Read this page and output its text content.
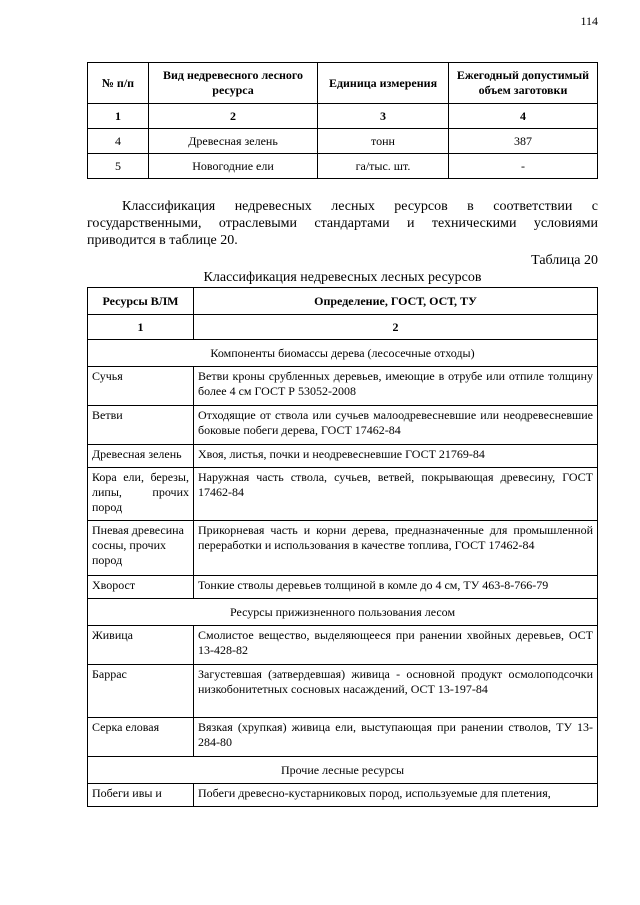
114
№ п/п	Вид недревесного лесного ресурса	Единица измерения	Ежегодный допустимый объем заготовки
1	2	3	4
4	Древесная зелень	тонн	387
5	Новогодние ели	га/тыс. шт.	-

Классификация недревесных лесных ресурсов в соответствии с государственными, отраслевыми стандартами и техническими условиями приводится в таблице 20.

Таблица 20
Классификация недревесных лесных ресурсов
Ресурсы ВЛМ	Определение, ГОСТ, ОСТ, ТУ
1	2
Компоненты биомассы дерева (лесосечные отходы)	
Сучья	Ветви кроны срубленных деревьев, имеющие в отрубе или отпиле толщину более 4 см ГОСТ Р 53052-2008
Ветви	Отходящие от ствола или сучьев малоодревесневшие или неодревесневшие боковые побеги дерева, ГОСТ 17462-84
Древесная зелень	Хвоя, листья, почки и неодревесневшие ГОСТ 21769-84
Кора ели, березы, липы, прочих пород	Наружная часть ствола, сучьев, ветвей, покрывающая древесину, ГОСТ 17462-84
Пневая древесина сосны, прочих пород	Прикорневая часть и корни дерева, предназначенные для промышленной переработки и использования в качестве топлива, ГОСТ 17462-84
Хворост	Тонкие стволы деревьев толщиной в комле до 4 см, ТУ 463-8-766-79
Ресурсы прижизненного пользования лесом	
Живица	Смолистое вещество, выделяющееся при ранении хвойных деревьев, ОСТ 13-428-82
Баррас	Загустевшая (затвердевшая) живица - основной продукт осмолоподсочки низкобонитетных сосновых насаждений, ОСТ 13-197-84
Серка еловая	Вязкая (хрупкая) живица ели, выступающая при ранении стволов, ТУ 13-284-80
Прочие лесные ресурсы	
Побеги ивы и	Побеги древесно-кустарниковых пород, используемые для плетения,
